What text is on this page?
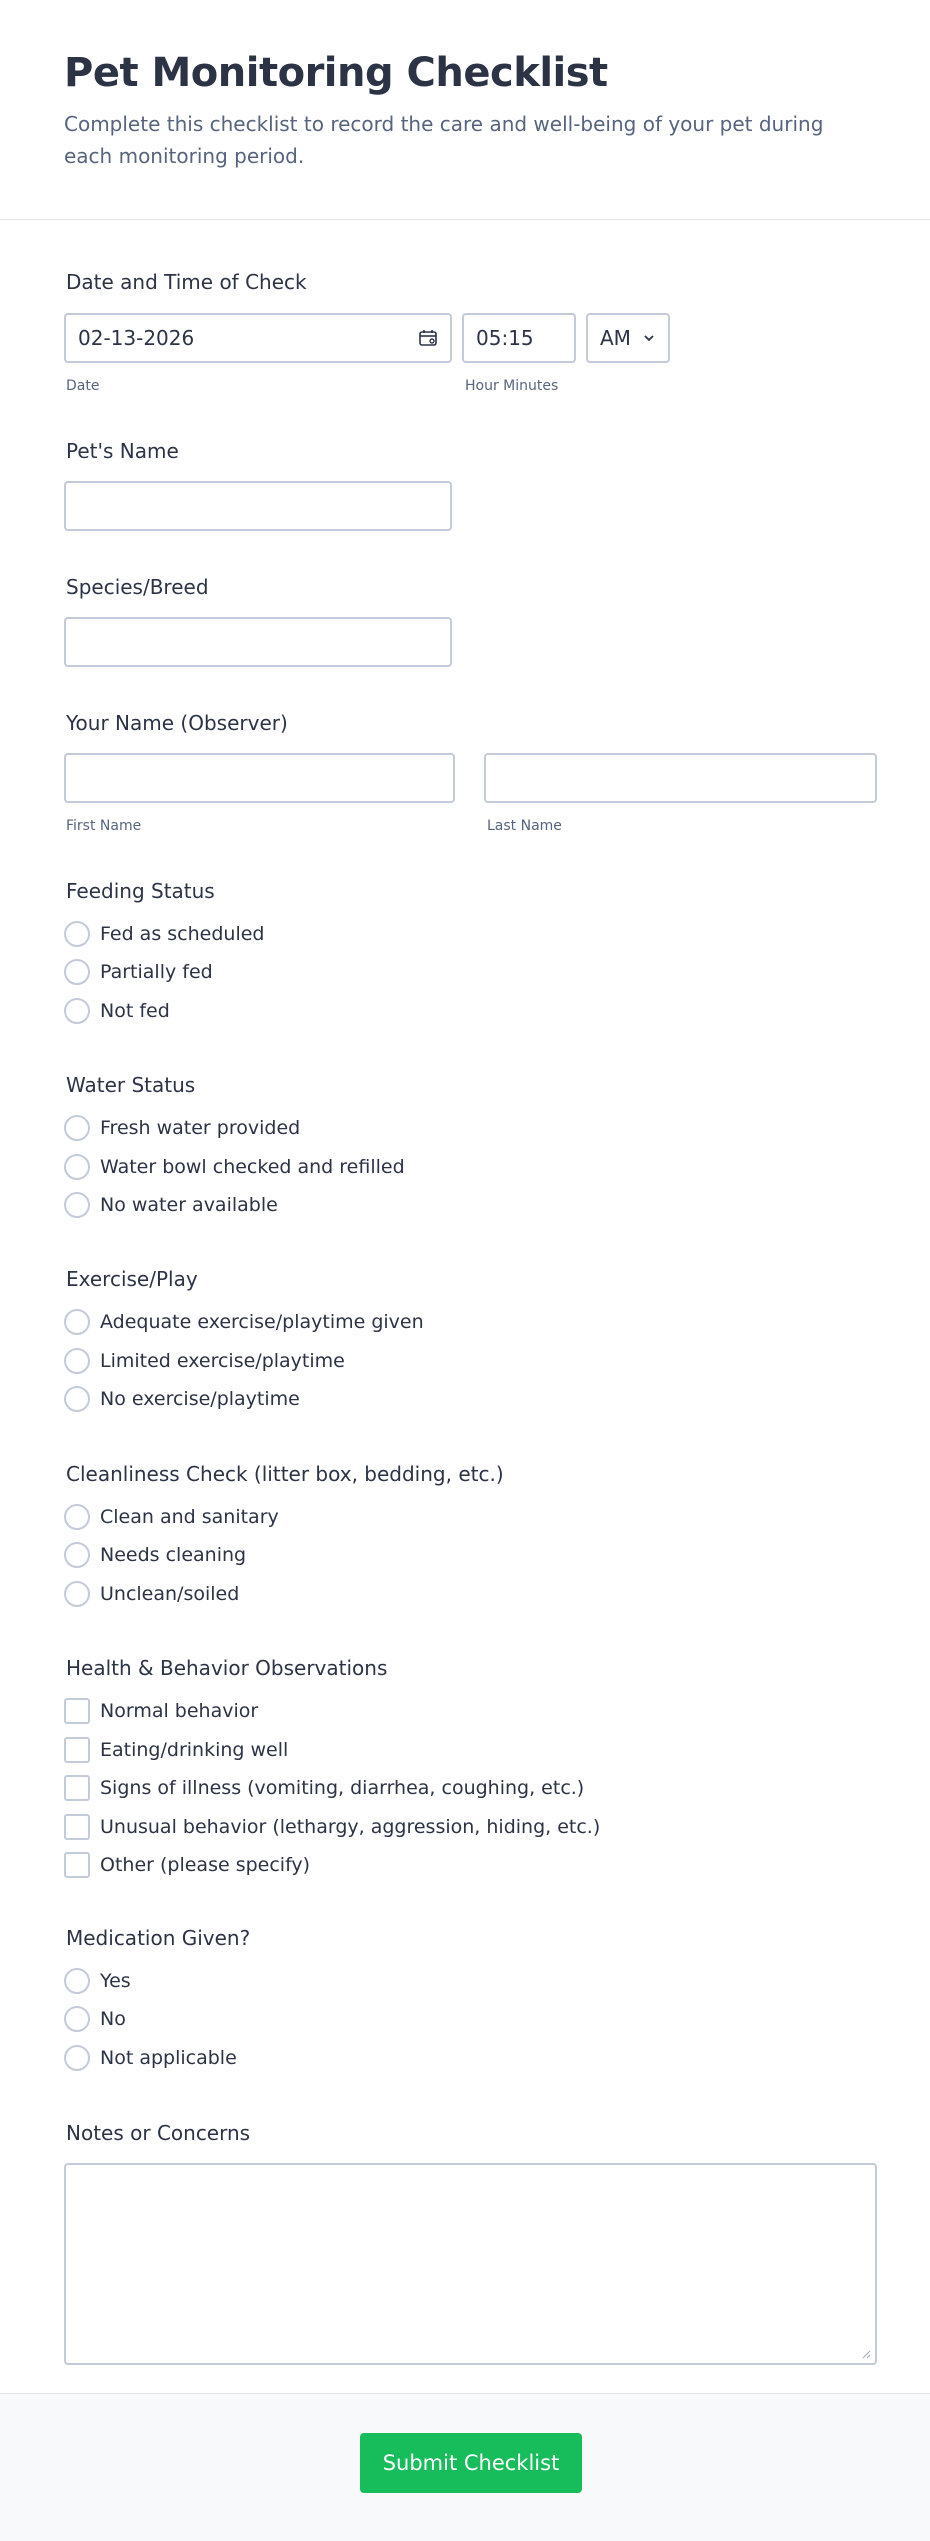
Pet Monitoring Checklist

Complete this checklist to record the care and well-being of your pet during each monitoring period.

Date and Time of Check
02-13-2026	05:15	AM
Date	Hour Minutes
Pet's Name
Species/Breed
Your Name (Observer)
First Name	Last Name
Feeding Status
Fed as scheduled
Partially fed
Not fed
Water Status
Fresh water provided
Water bowl checked and refilled
No water available
Exercise/Play
Adequate exercise/playtime given
Limited exercise/playtime
No exercise/playtime
Cleanliness Check (litter box, bedding, etc.)
Clean and sanitary
Needs cleaning
Unclean/soiled
Health & Behavior Observations
Normal behavior
Eating/drinking well
Signs of illness (vomiting, diarrhea, coughing, etc.)
Unusual behavior (lethargy, aggression, hiding, etc.)
Other (please specify)
Medication Given?
Yes
No
Not applicable
Notes or Concerns
Submit Checklist
